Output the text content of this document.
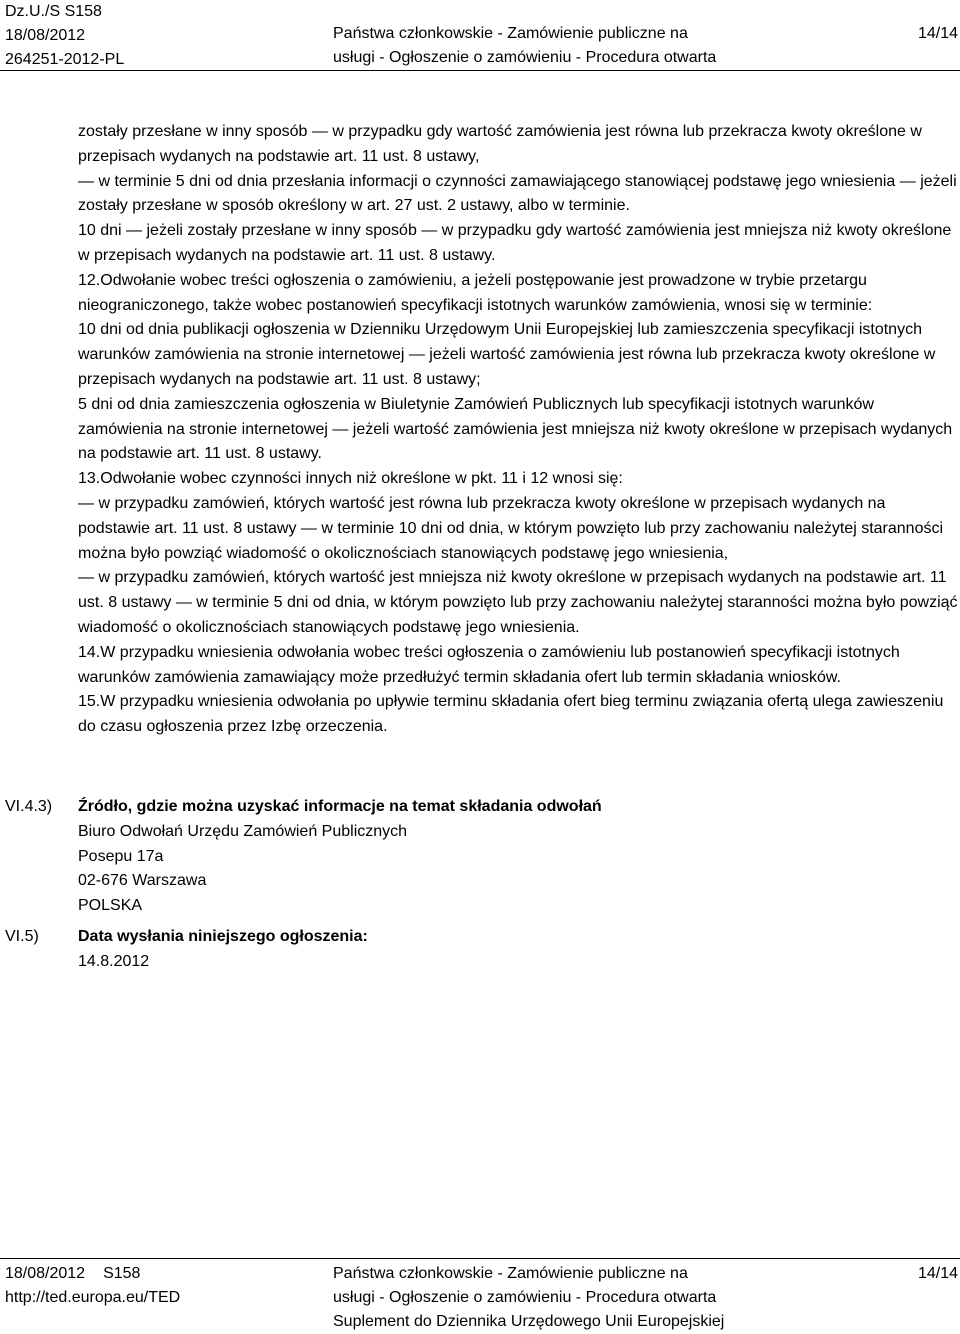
Dz.U./S S158
18/08/2012
264251-2012-PL
Państwa członkowskie - Zamówienie publiczne na
usługi - Ogłoszenie o zamówieniu - Procedura otwarta
14/14

zostały przesłane w inny sposób — w przypadku gdy wartość zamówienia jest równa lub przekracza kwoty określone w przepisach wydanych na podstawie art. 11 ust. 8 ustawy,

— w terminie 5 dni od dnia przesłania informacji o czynności zamawiającego stanowiącej podstawę jego wniesienia — jeżeli zostały przesłane w sposób określony w art. 27 ust. 2 ustawy, albo w terminie.

10 dni — jeżeli zostały przesłane w inny sposób — w przypadku gdy wartość zamówienia jest mniejsza niż kwoty określone w przepisach wydanych na podstawie art. 11 ust. 8 ustawy.

12.Odwołanie wobec treści ogłoszenia o zamówieniu, a jeżeli postępowanie jest prowadzone w trybie przetargu nieograniczonego, także wobec postanowień specyfikacji istotnych warunków zamówienia, wnosi się w terminie:

10 dni od dnia publikacji ogłoszenia w Dzienniku Urzędowym Unii Europejskiej lub zamieszczenia specyfikacji istotnych warunków zamówienia na stronie internetowej — jeżeli wartość zamówienia jest równa lub przekracza kwoty określone w przepisach wydanych na podstawie art. 11 ust. 8 ustawy;

5 dni od dnia zamieszczenia ogłoszenia w Biuletynie Zamówień Publicznych lub specyfikacji istotnych warunków zamówienia na stronie internetowej — jeżeli wartość zamówienia jest mniejsza niż kwoty określone w przepisach wydanych na podstawie art. 11 ust. 8 ustawy.

13.Odwołanie wobec czynności innych niż określone w pkt. 11 i 12 wnosi się:

— w przypadku zamówień, których wartość jest równa lub przekracza kwoty określone w przepisach wydanych na podstawie art. 11 ust. 8 ustawy — w terminie 10 dni od dnia, w którym powzięto lub przy zachowaniu należytej staranności można było powziąć wiadomość o okolicznościach stanowiących podstawę jego wniesienia,

— w przypadku zamówień, których wartość jest mniejsza niż kwoty określone w przepisach wydanych na podstawie art. 11 ust. 8 ustawy — w terminie 5 dni od dnia, w którym powzięto lub przy zachowaniu należytej staranności można było powziąć wiadomość o okolicznościach stanowiących podstawę jego wniesienia.

14.W przypadku wniesienia odwołania wobec treści ogłoszenia o zamówieniu lub postanowień specyfikacji istotnych warunków zamówienia zamawiający może przedłużyć termin składania ofert lub termin składania wniosków.

15.W przypadku wniesienia odwołania po upływie terminu składania ofert bieg terminu związania ofertą ulega zawieszeniu do czasu ogłoszenia przez Izbę orzeczenia.

VI.4.3) Źródło, gdzie można uzyskać informacje na temat składania odwołań

Biuro Odwołań Urzędu Zamówień Publicznych

Posepu 17a

02-676 Warszawa

POLSKA

VI.5) Data wysłania niniejszego ogłoszenia:

14.8.2012

18/08/2012 S158
http://ted.europa.eu/TED
Państwa członkowskie - Zamówienie publiczne na
usługi - Ogłoszenie o zamówieniu - Procedura otwarta
Suplement do Dziennika Urzędowego Unii Europejskiej
14/14
